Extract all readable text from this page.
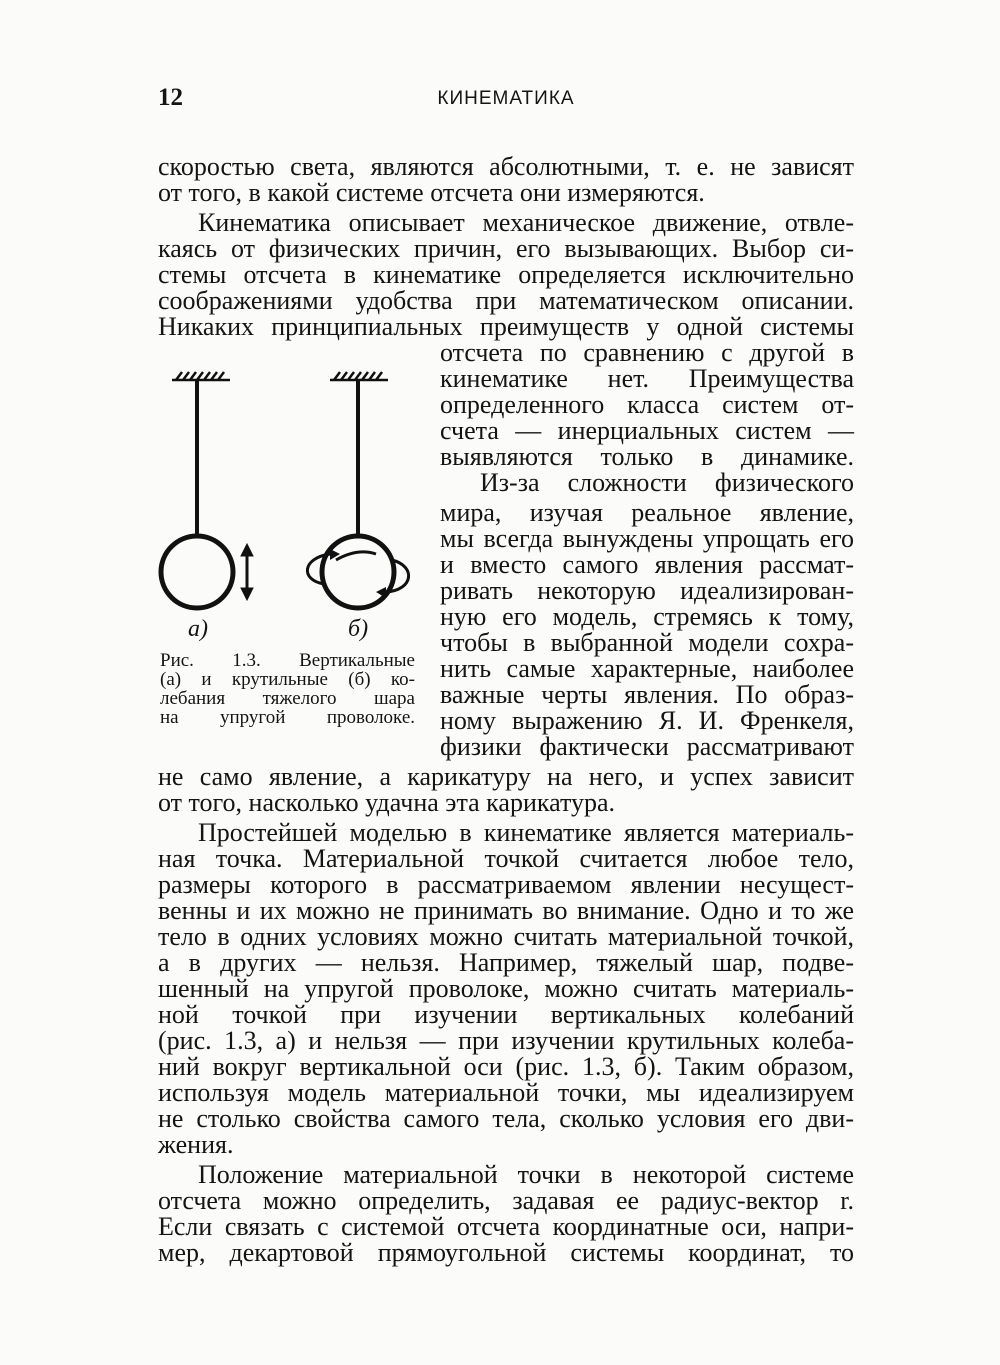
12	КИНЕМАТИКА
скоростью света, являются абсолютными, т. е. не зависят
от того, в какой системе отсчета они измеряются.
Кинематика описывает механическое движение, отвле-
каясь от физических причин, его вызывающих. Выбор си-
стемы отсчета в кинематике определяется исключительно
соображениями удобства при математическом описании.
Никаких принципиальных преимуществ у одной системы
отсчета по сравнению с другой в
кинематике нет. Преимущества
определенного класса систем от-
счета — инерциальных систем —
выявляются только в динамике.
Из-за сложности физического
мира, изучая реальное явление,
мы всегда вынуждены упрощать его
и вместо самого явления рассмат-
ривать некоторую идеализирован-
ную его модель, стремясь к тому,
чтобы в выбранной модели сохра-
нить самые характерные, наиболее
важные черты явления. По образ-
ному выражению Я. И. Френкеля,
физики фактически рассматривают
не само явление, а карикатуру на него, и успех зависит
от того, насколько удачна эта карикатура.
Простейшей моделью в кинематике является материаль-
ная точка. Материальной точкой считается любое тело,
размеры которого в рассматриваемом явлении несущест-
венны и их можно не принимать во внимание. Одно и то же
тело в одних условиях можно считать материальной точкой,
а в других — нельзя. Например, тяжелый шар, подве-
шенный на упругой проволоке, можно считать материаль-
ной точкой при изучении вертикальных колебаний
(рис. 1.3, а) и нельзя — при изучении крутильных колеба-
ний вокруг вертикальной оси (рис. 1.3, б). Таким образом,
используя модель материальной точки, мы идеализируем
не столько свойства самого тела, сколько условия его дви-
жения.
Положение материальной точки в некоторой системе
отсчета можно определить, задавая ее радиус-вектор r.
Если связать с системой отсчета координатные оси, напри-
мер, декартовой прямоугольной системы координат, то
а)	б)
Рис. 1.3. Вертикальные
(а) и крутильные (б) ко-
лебания тяжелого шара
на упругой проволоке.
